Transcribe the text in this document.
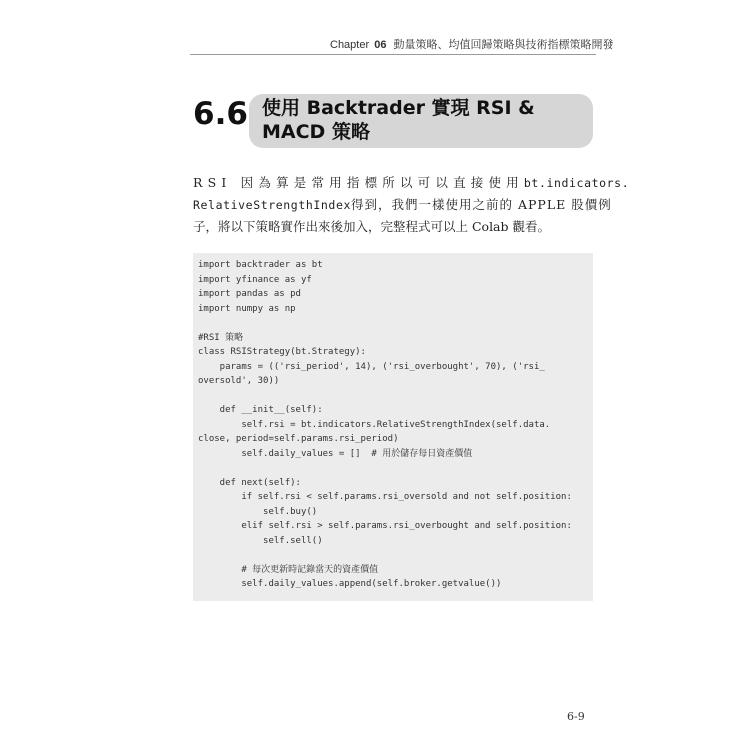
Chapter 06 動量策略、均值回歸策略與技術指標策略開發
6.6 使用 Backtrader 實現 RSI &
MACD 策略
RSI 因為算是常用指標所以可以直接使用bt.indicators.
RelativeStrengthIndex得到，我們一樣使用之前的 APPLE 股價例
子，將以下策略實作出來後加入，完整程式可以上 Colab 觀看。
import backtrader as bt
import yfinance as yf
import pandas as pd
import numpy as np

#RSI 策略
class RSIStrategy(bt.Strategy):
params = (('rsi_period', 14), ('rsi_overbought', 70), ('rsi_
oversold', 30))

def __init__(self):
self.rsi = bt.indicators.RelativeStrengthIndex(self.data.
close, period=self.params.rsi_period)
self.daily_values = []  # 用於儲存每日資產價值

def next(self):
if self.rsi < self.params.rsi_oversold and not self.position:
self.buy()
elif self.rsi > self.params.rsi_overbought and self.position:
self.sell()

# 每次更新時記錄當天的資產價值
self.daily_values.append(self.broker.getvalue())
6-9
